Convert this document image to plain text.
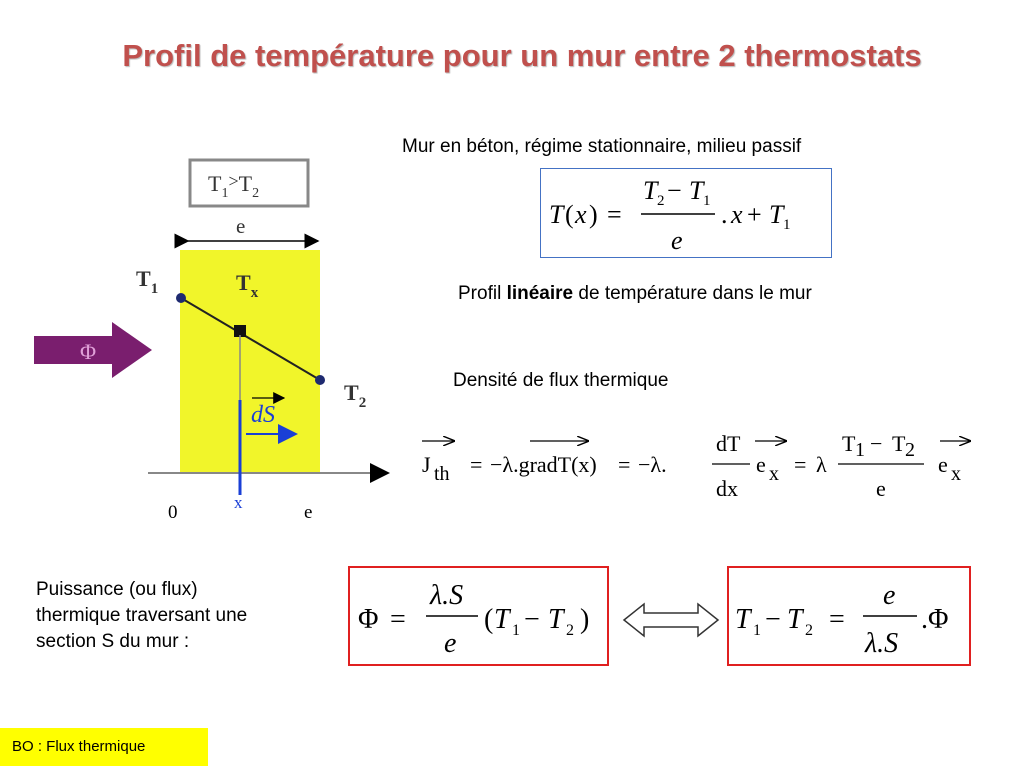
Profil de température pour un mur entre 2 thermostats
$T_1^>T_2$
e
$T_1$	$T_x$
$T_2$
Φ
dS
x
0	e
Mur en béton, régime stationnaire, milieu passif
T ( x ) =
T 2 − T 1
e
. x + T 1
Profil linéaire de température dans le mur
Densité de flux thermique
J th = −λ.gradT(x) = −λ.
dT
dx
e x = λ
T 1 − T 2
e
e x
Puissance (ou flux)
thermique traversant une
section S du mur :
Φ =
λ.S
e
( T 1 − T 2 )	T 1 − T 2 =
e
λ.S
.Φ
BO : Flux thermique
